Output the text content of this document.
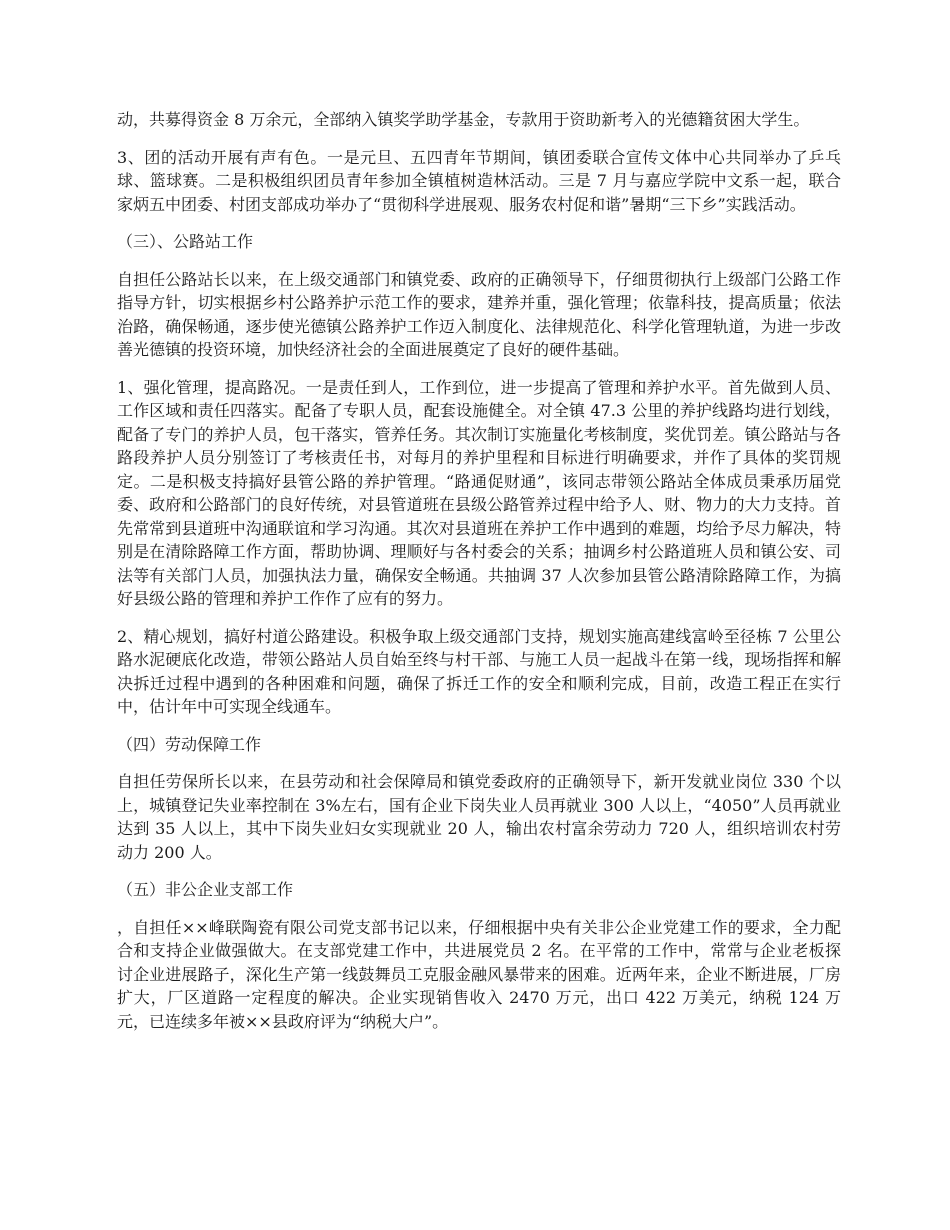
动，共募得资金 8 万余元，全部纳入镇奖学助学基金，专款用于资助新考入的光德籍贫困大学生。

3、团的活动开展有声有色。一是元旦、五四青年节期间，镇团委联合宣传文体中心共同举办了乒乓球、篮球赛。二是积极组织团员青年参加全镇植树造林活动。三是 7 月与嘉应学院中文系一起，联合家炳五中团委、村团支部成功举办了“贯彻科学进展观、服务农村促和谐”暑期“三下乡”实践活动。

（三）、公路站工作

自担任公路站长以来，在上级交通部门和镇党委、政府的正确领导下，仔细贯彻执行上级部门公路工作指导方针，切实根据乡村公路养护示范工作的要求，建养并重，强化管理；依靠科技，提高质量；依法治路，确保畅通，逐步使光德镇公路养护工作迈入制度化、法律规范化、科学化管理轨道，为进一步改善光德镇的投资环境，加快经济社会的全面进展奠定了良好的硬件基础。

1、强化管理，提高路况。一是责任到人，工作到位，进一步提高了管理和养护水平。首先做到人员、工作区域和责任四落实。配备了专职人员，配套设施健全。对全镇 47.3 公里的养护线路均进行划线，配备了专门的养护人员，包干落实，管养任务。其次制订实施量化考核制度，奖优罚差。镇公路站与各路段养护人员分别签订了考核责任书，对每月的养护里程和目标进行明确要求，并作了具体的奖罚规定。二是积极支持搞好县管公路的养护管理。“路通促财通”，该同志带领公路站全体成员秉承历届党委、政府和公路部门的良好传统，对县管道班在县级公路管养过程中给予人、财、物力的大力支持。首先常常到县道班中沟通联谊和学习沟通。其次对县道班在养护工作中遇到的难题，均给予尽力解决，特别是在清除路障工作方面，帮助协调、理顺好与各村委会的关系；抽调乡村公路道班人员和镇公安、司法等有关部门人员，加强执法力量，确保安全畅通。共抽调 37 人次参加县管公路清除路障工作，为搞好县级公路的管理和养护工作作了应有的努力。

2、精心规划，搞好村道公路建设。积极争取上级交通部门支持，规划实施高建线富岭至径栋 7 公里公路水泥硬底化改造，带领公路站人员自始至终与村干部、与施工人员一起战斗在第一线，现场指挥和解决拆迁过程中遇到的各种困难和问题，确保了拆迁工作的安全和顺利完成，目前，改造工程正在实行中，估计年中可实现全线通车。

（四）劳动保障工作

自担任劳保所长以来，在县劳动和社会保障局和镇党委政府的正确领导下，新开发就业岗位 330 个以上，城镇登记失业率控制在 3%左右，国有企业下岗失业人员再就业 300 人以上，“4050”人员再就业达到 35 人以上，其中下岗失业妇女实现就业 20 人，输出农村富余劳动力 720 人，组织培训农村劳动力 200 人。

（五）非公企业支部工作

，自担任××峰联陶瓷有限公司党支部书记以来，仔细根据中央有关非公企业党建工作的要求，全力配合和支持企业做强做大。在支部党建工作中，共进展党员 2 名。在平常的工作中，常常与企业老板探讨企业进展路子，深化生产第一线鼓舞员工克服金融风暴带来的困难。近两年来，企业不断进展，厂房扩大，厂区道路一定程度的解决。企业实现销售收入 2470 万元，出口 422 万美元，纳税 124 万元，已连续多年被××县政府评为“纳税大户”。
